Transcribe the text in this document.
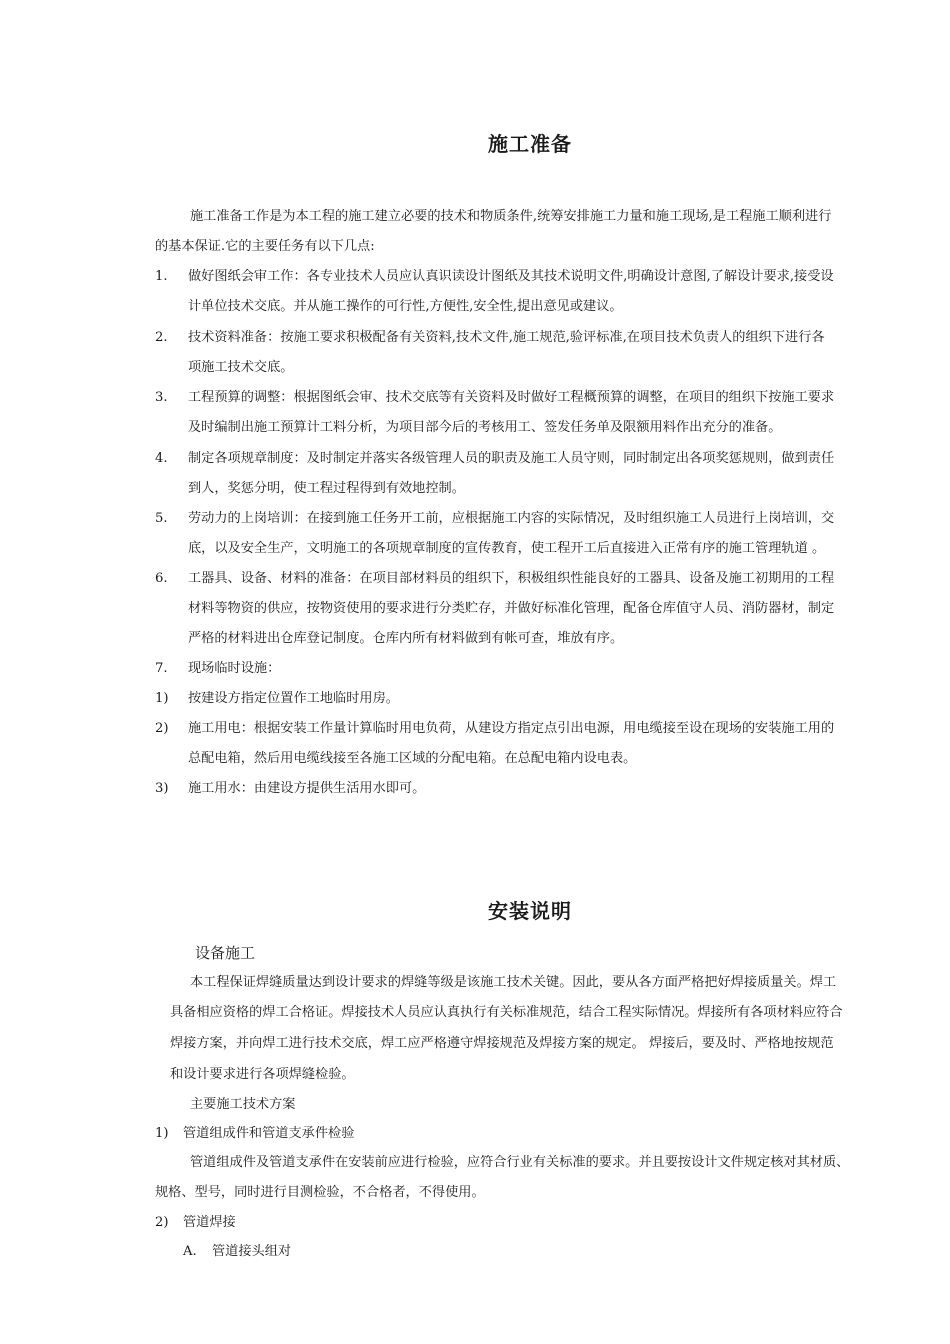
施工准备
施工准备工作是为本工程的施工建立必要的技术和物质条件,统筹安排施工力量和施工现场,是工程施工顺利进行
的基本保证.它的主要任务有以下几点:
1. 做好图纸会审工作：各专业技术人员应认真识读设计图纸及其技术说明文件,明确设计意图,了解设计要求,接受设
计单位技术交底。并从施工操作的可行性,方便性,安全性,提出意见或建议。
2. 技术资料准备：按施工要求积极配备有关资料,技术文件,施工规范,验评标准,在项目技术负责人的组织下进行各
项施工技术交底。
3. 工程预算的调整：根据图纸会审、技术交底等有关资料及时做好工程概预算的调整，在项目的组织下按施工要求
及时编制出施工预算计工料分析，为项目部今后的考核用工、签发任务单及限额用料作出充分的准备。
4. 制定各项规章制度：及时制定并落实各级管理人员的职责及施工人员守则，同时制定出各项奖惩规则，做到责任
到人，奖惩分明，使工程过程得到有效地控制。
5. 劳动力的上岗培训：在接到施工任务开工前，应根据施工内容的实际情况，及时组织施工人员进行上岗培训，交
底，以及安全生产，文明施工的各项规章制度的宣传教育，使工程开工后直接进入正常有序的施工管理轨道 。
6. 工器具、设备、材料的准备：在项目部材料员的组织下，积极组织性能良好的工器具、设备及施工初期用的工程
材料等物资的供应，按物资使用的要求进行分类贮存，并做好标准化管理，配备仓库值守人员、消防器材，制定
严格的材料进出仓库登记制度。仓库内所有材料做到有帐可查，堆放有序。
7. 现场临时设施：
1) 按建设方指定位置作工地临时用房。
2) 施工用电：根据安装工作量计算临时用电负荷，从建设方指定点引出电源，用电缆接至设在现场的安装施工用的
总配电箱，然后用电缆线接至各施工区域的分配电箱。在总配电箱内设电表。
3) 施工用水：由建设方提供生活用水即可。
安装说明
设备施工
本工程保证焊缝质量达到设计要求的焊缝等级是该施工技术关键。因此，要从各方面严格把好焊接质量关。焊工
具备相应资格的焊工合格证。焊接技术人员应认真执行有关标准规范，结合工程实际情况。焊接所有各项材料应符合
焊接方案，并向焊工进行技术交底，焊工应严格遵守焊接规范及焊接方案的规定。 焊接后，要及时、严格地按规范
和设计要求进行各项焊缝检验。
主要施工技术方案
1) 管道组成件和管道支承件检验
管道组成件及管道支承件在安装前应进行检验，应符合行业有关标准的要求。并且要按设计文件规定核对其材质、
规格、型号，同时进行目测检验，不合格者，不得使用。
2) 管道焊接
A. 管道接头组对
